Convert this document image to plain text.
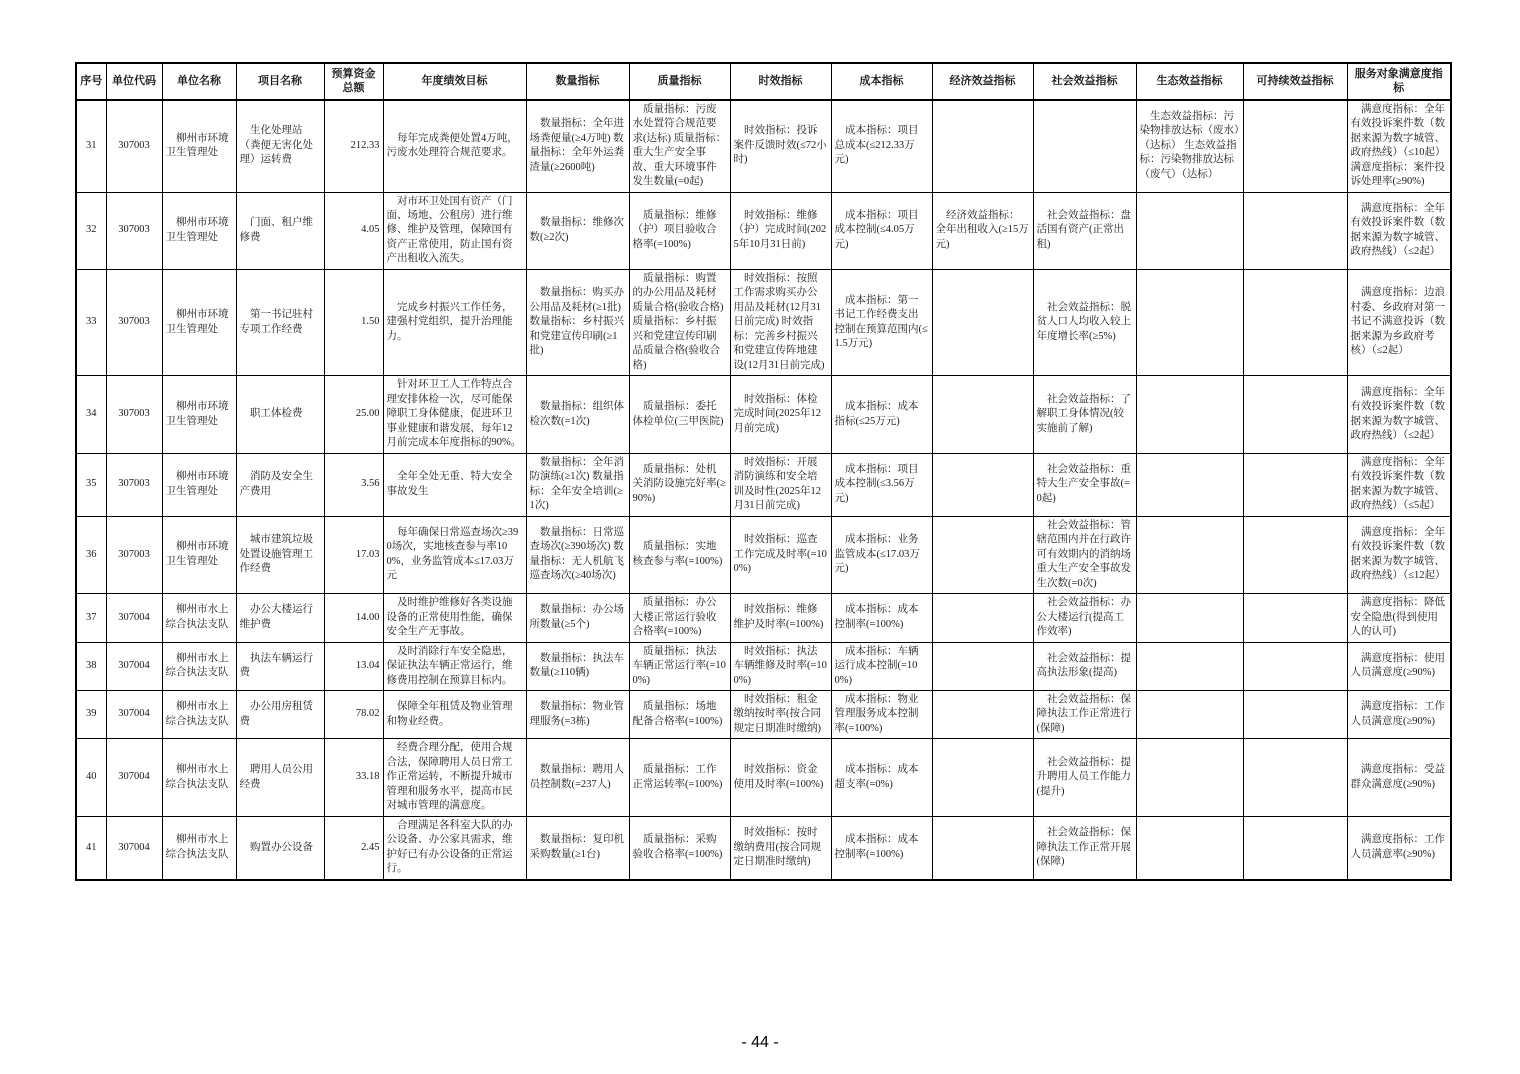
序号	单位代码	单位名称	项目名称	预算资金总额	年度绩效目标	数量指标	质量指标	时效指标	成本指标	经济效益指标	社会效益指标	生态效益指标	可持续效益指标	服务对象满意度指标
31	307003	柳州市环境卫生管理处	生化处理站（粪便无害化处理）运转费	212.33	每年完成粪便处置4万吨，污废水处理符合规范要求。	数量指标：全年进场粪便量(≥4万吨) 数量指标：全年外运粪渣量(≥2600吨)	质量指标：污废水处置符合规范要求(达标) 质量指标：重大生产安全事故、重大环境事件发生数量(=0起)	时效指标：投诉案件反馈时效(≤72小时)	成本指标：项目总成本(≤212.33万元)			生态效益指标：污染物排放达标（废水）（达标） 生态效益指标：污染物排放达标（废气）（达标）		满意度指标：全年有效投诉案件数（数据来源为数字城管、政府热线）（≤10起） 满意度指标：案件投诉处理率(≥90%)
32	307003	柳州市环境卫生管理处	门面、租户维修费	4.05	对市环卫处国有资产（门面、场地、公租房）进行维修、维护及管理，保障国有资产正常使用，防止国有资产出租收入流失。	数量指标：维修次数(≥2次)	质量指标：维修（护）项目验收合格率(=100%)	时效指标：维修（护）完成时间(2025年10月31日前)	成本指标：项目成本控制(≤4.05万元)	经济效益指标：全年出租收入(≥15万元)	社会效益指标：盘活国有资产(正常出租)			满意度指标：全年有效投诉案件数（数据来源为数字城管、政府热线）（≤2起）
33	307003	柳州市环境卫生管理处	第一书记驻村专项工作经费	1.50	完成乡村振兴工作任务，建强村党组织，提升治理能力。	数量指标：购买办公用品及耗材(≥1批) 数量指标：乡村振兴和党建宣传印刷(≥1批)	质量指标：购置的办公用品及耗材质量合格(验收合格) 质量指标：乡村振兴和党建宣传印刷品质量合格(验收合格)	时效指标：按照工作需求购买办公用品及耗材(12月31日前完成) 时效指标：完善乡村振兴和党建宣传阵地建设(12月31日前完成)	成本指标：第一书记工作经费支出控制在预算范围内(≤1.5万元)		社会效益指标：脱贫人口人均收入较上年度增长率(≥5%)			满意度指标：边浪村委、乡政府对第一书记不满意投诉（数据来源为乡政府考核）（≤2起）
34	307003	柳州市环境卫生管理处	职工体检费	25.00	针对环卫工人工作特点合理安排体检一次，尽可能保障职工身体健康，促进环卫事业健康和谐发展，每年12月前完成本年度指标的90%。	数量指标：组织体检次数(=1次)	质量指标：委托体检单位(三甲医院)	时效指标：体检完成时间(2025年12月前完成)	成本指标：成本指标(≤25万元)		社会效益指标：了解职工身体情况(较实施前了解)			满意度指标：全年有效投诉案件数（数据来源为数字城管、政府热线）（≤2起）
35	307003	柳州市环境卫生管理处	消防及安全生产费用	3.56	全年全处无重、特大安全事故发生	数量指标：全年消防演练(≥1次) 数量指标：全年安全培训(≥1次)	质量指标：处机关消防设施完好率(≥90%)	时效指标：开展消防演练和安全培训及时性(2025年12月31日前完成)	成本指标：项目成本控制(≤3.56万元)		社会效益指标：重特大生产安全事故(=0起)			满意度指标：全年有效投诉案件数（数据来源为数字城管、政府热线）（≤5起）
36	307003	柳州市环境卫生管理处	城市建筑垃圾处置设施管理工作经费	17.03	每年确保日常巡查场次≥390场次，实地核查参与率100%，业务监管成本≤17.03万元	数量指标：日常巡查场次(≥390场次) 数量指标：无人机航飞巡查场次(≥40场次)	质量指标：实地核查参与率(=100%)	时效指标：巡查工作完成及时率(=100%)	成本指标：业务监管成本(≤17.03万元)		社会效益指标：管辖范围内并在行政许可有效期内的消纳场重大生产安全事故发生次数(=0次)			满意度指标：全年有效投诉案件数（数据来源为数字城管、政府热线）（≤12起）
37	307004	柳州市水上综合执法支队	办公大楼运行维护费	14.00	及时维护维修好各类设施设备的正常使用性能，确保安全生产无事故。	数量指标：办公场所数量(≥5个)	质量指标：办公大楼正常运行验收合格率(=100%)	时效指标：维修维护及时率(=100%)	成本指标：成本控制率(=100%)		社会效益指标：办公大楼运行(提高工作效率)			满意度指标：降低安全隐患(得到使用人的认可)
38	307004	柳州市水上综合执法支队	执法车辆运行费	13.04	及时消除行车安全隐患，保证执法车辆正常运行，维修费用控制在预算目标内。	数量指标：执法车数量(≥110辆)	质量指标：执法车辆正常运行率(=100%)	时效指标：执法车辆维修及时率(=100%)	成本指标：车辆运行成本控制(=100%)		社会效益指标：提高执法形象(提高)			满意度指标：使用人员满意度(≥90%)
39	307004	柳州市水上综合执法支队	办公用房租赁费	78.02	保障全年租赁及物业管理和物业经费。	数量指标：物业管理服务(=3栋)	质量指标：场地配备合格率(=100%)	时效指标：租金缴纳按时率(按合同规定日期准时缴纳)	成本指标：物业管理服务成本控制率(=100%)		社会效益指标：保障执法工作正常进行(保障)			满意度指标：工作人员满意度(≥90%)
40	307004	柳州市水上综合执法支队	聘用人员公用经费	33.18	经费合理分配，使用合规合法，保障聘用人员日常工作正常运转，不断提升城市管理和服务水平，提高市民对城市管理的满意度。	数量指标：聘用人员控制数(=237人)	质量指标：工作正常运转率(=100%)	时效指标：资金使用及时率(=100%)	成本指标：成本超支率(=0%)		社会效益指标：提升聘用人员工作能力(提升)			满意度指标：受益群众满意度(≥90%)
41	307004	柳州市水上综合执法支队	购置办公设备	2.45	合理满足各科室大队的办公设备、办公家具需求，维护好已有办公设备的正常运行。	数量指标：复印机采购数量(≥1台)	质量指标：采购验收合格率(=100%)	时效指标：按时缴纳费用(按合同规定日期准时缴纳)	成本指标：成本控制率(=100%)		社会效益指标：保障执法工作正常开展(保障)			满意度指标：工作人员满意率(≥90%)
- 44 -
